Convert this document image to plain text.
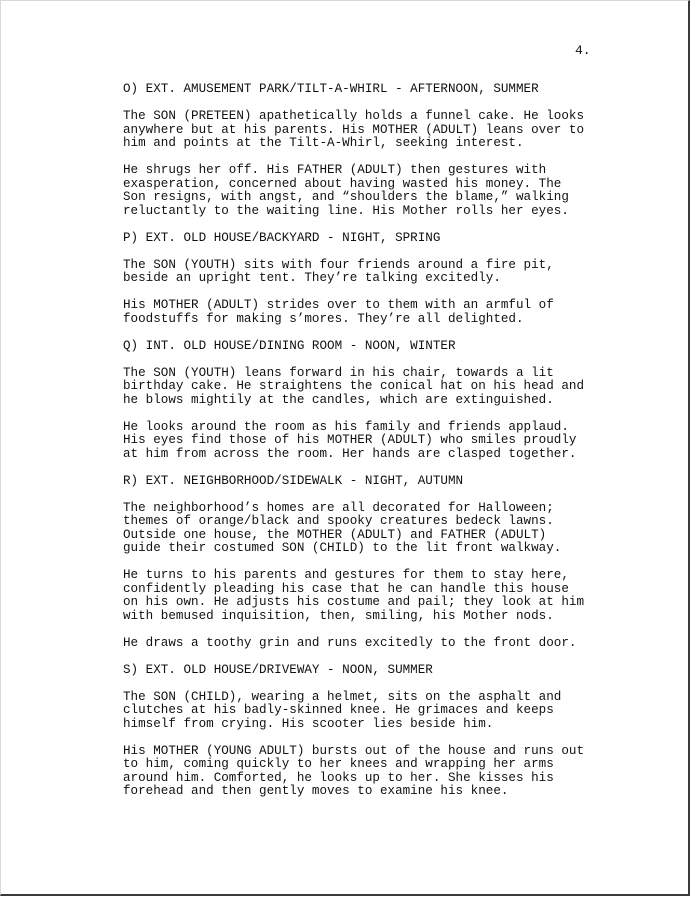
4.
O) EXT. AMUSEMENT PARK/TILT-A-WHIRL - AFTERNOON, SUMMER
The SON (PRETEEN) apathetically holds a funnel cake. He looks
anywhere but at his parents. His MOTHER (ADULT) leans over to
him and points at the Tilt-A-Whirl, seeking interest.
He shrugs her off. His FATHER (ADULT) then gestures with
exasperation, concerned about having wasted his money. The
Son resigns, with angst, and “shoulders the blame,” walking
reluctantly to the waiting line. His Mother rolls her eyes.
P) EXT. OLD HOUSE/BACKYARD - NIGHT, SPRING
The SON (YOUTH) sits with four friends around a fire pit,
beside an upright tent. They’re talking excitedly.
His MOTHER (ADULT) strides over to them with an armful of
foodstuffs for making s’mores. They’re all delighted.
Q) INT. OLD HOUSE/DINING ROOM - NOON, WINTER
The SON (YOUTH) leans forward in his chair, towards a lit
birthday cake. He straightens the conical hat on his head and
he blows mightily at the candles, which are extinguished.
He looks around the room as his family and friends applaud.
His eyes find those of his MOTHER (ADULT) who smiles proudly
at him from across the room. Her hands are clasped together.
R) EXT. NEIGHBORHOOD/SIDEWALK - NIGHT, AUTUMN
The neighborhood’s homes are all decorated for Halloween;
themes of orange/black and spooky creatures bedeck lawns.
Outside one house, the MOTHER (ADULT) and FATHER (ADULT)
guide their costumed SON (CHILD) to the lit front walkway.
He turns to his parents and gestures for them to stay here,
confidently pleading his case that he can handle this house
on his own. He adjusts his costume and pail; they look at him
with bemused inquisition, then, smiling, his Mother nods.
He draws a toothy grin and runs excitedly to the front door.
S) EXT. OLD HOUSE/DRIVEWAY - NOON, SUMMER
The SON (CHILD), wearing a helmet, sits on the asphalt and
clutches at his badly-skinned knee. He grimaces and keeps
himself from crying. His scooter lies beside him.
His MOTHER (YOUNG ADULT) bursts out of the house and runs out
to him, coming quickly to her knees and wrapping her arms
around him. Comforted, he looks up to her. She kisses his
forehead and then gently moves to examine his knee.
